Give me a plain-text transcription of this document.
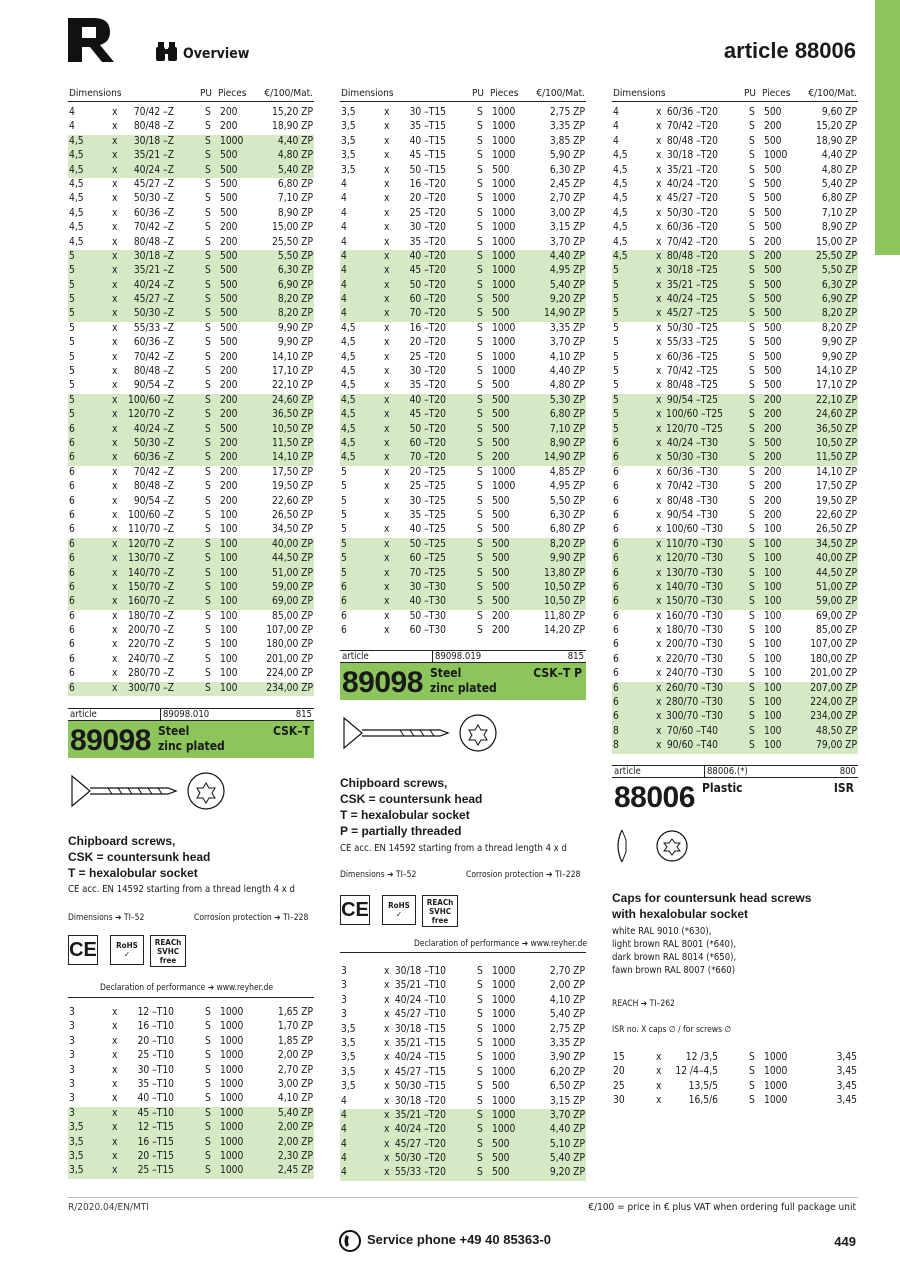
Overview	article 88006
Dimensions	PU Pieces €/100/Mat.
4	x	70/42 –Z	S 200	15,20 ZP
4	x	80/48 –Z	S 200	18,90 ZP
4,5	x	30/18 –Z	S 1000	4,40 ZP
4,5	x	35/21 –Z	S 500	4,80 ZP
4,5	x	40/24 –Z	S 500	5,40 ZP
4,5	x	45/27 –Z	S 500	6,80 ZP
4,5	x	50/30 –Z	S 500	7,10 ZP
4,5	x	60/36 –Z	S 500	8,90 ZP
4,5	x	70/42 –Z	S 200	15,00 ZP
4,5	x	80/48 –Z	S 200	25,50 ZP
5	x	30/18 –Z	S 500	5,50 ZP
5	x	35/21 –Z	S 500	6,30 ZP
5	x	40/24 –Z	S 500	6,90 ZP
5	x	45/27 –Z	S 500	8,20 ZP
5	x	50/30 –Z	S 500	8,20 ZP
5	x	55/33 –Z	S 500	9,90 ZP
5	x	60/36 –Z	S 500	9,90 ZP
5	x	70/42 –Z	S 200	14,10 ZP
5	x	80/48 –Z	S 200	17,10 ZP
5	x	90/54 –Z	S 200	22,10 ZP
5	x	100/60 –Z	S 200	24,60 ZP
5	x	120/70 –Z	S 200	36,50 ZP
6	x	40/24 –Z	S 500	10,50 ZP
6	x	50/30 –Z	S 200	11,50 ZP
6	x	60/36 –Z	S 200	14,10 ZP
6	x	70/42 –Z	S 200	17,50 ZP
6	x	80/48 –Z	S 200	19,50 ZP
6	x	90/54 –Z	S 200	22,60 ZP
6	x	100/60 –Z	S 100	26,50 ZP
6	x	110/70 –Z	S 100	34,50 ZP
6	x	120/70 –Z	S 100	40,00 ZP
6	x	130/70 –Z	S 100	44,50 ZP
6	x	140/70 –Z	S 100	51,00 ZP
6	x	150/70 –Z	S 100	59,00 ZP
6	x	160/70 –Z	S 100	69,00 ZP
6	x	180/70 –Z	S 100	85,00 ZP
6	x	200/70 –Z	S 100	107,00 ZP
6	x	220/70 –Z	S 100	180,00 ZP
6	x	240/70 –Z	S 100	201,00 ZP
6	x	280/70 –Z	S 100	224,00 ZP
6	x	300/70 –Z	S 100	234,00 ZP
Dimensions	PU Pieces €/100/Mat.
3,5	x	30 –T15	S 1000	2,75 ZP
3,5	x	35 –T15	S 1000	3,35 ZP
3,5	x	40 –T15	S 1000	3,85 ZP
3,5	x	45 –T15	S 1000	5,90 ZP
3,5	x	50 –T15	S 500	6,30 ZP
4	x	16 –T20	S 1000	2,45 ZP
4	x	20 –T20	S 1000	2,70 ZP
4	x	25 –T20	S 1000	3,00 ZP
4	x	30 –T20	S 1000	3,15 ZP
4	x	35 –T20	S 1000	3,70 ZP
4	x	40 –T20	S 1000	4,40 ZP
4	x	45 –T20	S 1000	4,95 ZP
4	x	50 –T20	S 1000	5,40 ZP
4	x	60 –T20	S 500	9,20 ZP
4	x	70 –T20	S 500	14,90 ZP
4,5	x	16 –T20	S 1000	3,35 ZP
4,5	x	20 –T20	S 1000	3,70 ZP
4,5	x	25 –T20	S 1000	4,10 ZP
4,5	x	30 –T20	S 1000	4,40 ZP
4,5	x	35 –T20	S 500	4,80 ZP
4,5	x	40 –T20	S 500	5,30 ZP
4,5	x	45 –T20	S 500	6,80 ZP
4,5	x	50 –T20	S 500	7,10 ZP
4,5	x	60 –T20	S 500	8,90 ZP
4,5	x	70 –T20	S 200	14,90 ZP
5	x	20 –T25	S 1000	4,85 ZP
5	x	25 –T25	S 1000	4,95 ZP
5	x	30 –T25	S 500	5,50 ZP
5	x	35 –T25	S 500	6,30 ZP
5	x	40 –T25	S 500	6,80 ZP
5	x	50 –T25	S 500	8,20 ZP
5	x	60 –T25	S 500	9,90 ZP
5	x	70 –T25	S 500	13,80 ZP
6	x	30 –T30	S 500	10,50 ZP
6	x	40 –T30	S 500	10,50 ZP
6	x	50 –T30	S 200	11,80 ZP
6	x	60 –T30	S 200	14,20 ZP
Dimensions	PU Pieces €/100/Mat.
4	x 60/36 –T20	S 500	9,60 ZP
4	x 70/42 –T20	S 200	15,20 ZP
4	x 80/48 –T20	S 500	18,90 ZP
4,5	x 30/18 –T20	S 1000	4,40 ZP
4,5	x 35/21 –T20	S 500	4,80 ZP
4,5	x 40/24 –T20	S 500	5,40 ZP
4,5	x 45/27 –T20	S 500	6,80 ZP
4,5	x 50/30 –T20	S 500	7,10 ZP
4,5	x 60/36 –T20	S 500	8,90 ZP
4,5	x 70/42 –T20	S 200	15,00 ZP
4,5	x 80/48 –T20	S 200	25,50 ZP
5	x 30/18 –T25	S 500	5,50 ZP
5	x 35/21 –T25	S 500	6,30 ZP
5	x 40/24 –T25	S 500	6,90 ZP
5	x 45/27 –T25	S 500	8,20 ZP
5	x 50/30 –T25	S 500	8,20 ZP
5	x 55/33 –T25	S 500	9,90 ZP
5	x 60/36 –T25	S 500	9,90 ZP
5	x 70/42 –T25	S 500	14,10 ZP
5	x 80/48 –T25	S 500	17,10 ZP
5	x 90/54 –T25	S 200	22,10 ZP
5	x 100/60 –T25	S 200	24,60 ZP
5	x 120/70 –T25	S 200	36,50 ZP
6	x 40/24 –T30	S 500	10,50 ZP
6	x 50/30 –T30	S 200	11,50 ZP
6	x 60/36 –T30	S 200	14,10 ZP
6	x 70/42 –T30	S 200	17,50 ZP
6	x 80/48 –T30	S 200	19,50 ZP
6	x 90/54 –T30	S 200	22,60 ZP
6	x 100/60 –T30	S 100	26,50 ZP
6	x 110/70 –T30	S 100	34,50 ZP
6	x 120/70 –T30	S 100	40,00 ZP
6	x 130/70 –T30	S 100	44,50 ZP
6	x 140/70 –T30	S 100	51,00 ZP
6	x 150/70 –T30	S 100	59,00 ZP
6	x 160/70 –T30	S 100	69,00 ZP
6	x 180/70 –T30	S 100	85,00 ZP
6	x 200/70 –T30	S 100	107,00 ZP
6	x 220/70 –T30	S 100	180,00 ZP
6	x 240/70 –T30	S 100	201,00 ZP
6	x 260/70 –T30	S 100	207,00 ZP
6	x 280/70 –T30	S 100	224,00 ZP
6	x 300/70 –T30	S 100	234,00 ZP
8	x 70/60 –T40	S 100	48,50 ZP
8	x 90/60 –T40	S 100	79,00 ZP
article	89098.010	815
89098 Steel
zinc plated
CSK–T
Chipboard screws,
CSK = countersunk head
T = hexalobular socket
CE acc. EN 14592 starting from a thread length 4 x d
Dimensions ➔ TI–52	Corrosion protection ➔ TI–228
CE	RoHS
✓
REACh
SVHC
free
Declaration of performance ➔ www.reyher.de
3	x	12 –T10	S 1000	1,65 ZP
3	x	16 –T10	S 1000	1,70 ZP
3	x	20 –T10	S 1000	1,85 ZP
3	x	25 –T10	S 1000	2,00 ZP
3	x	30 –T10	S 1000	2,70 ZP
3	x	35 –T10	S 1000	3,00 ZP
3	x	40 –T10	S 1000	4,10 ZP
3	x	45 –T10	S 1000	5,40 ZP
3,5	x	12 –T15	S 1000	2,00 ZP
3,5	x	16 –T15	S 1000	2,00 ZP
3,5	x	20 –T15	S 1000	2,30 ZP
3,5	x	25 –T15	S 1000	2,45 ZP
article	89098.019	815
89098 Steel
zinc plated
CSK–T P
Chipboard screws,
CSK = countersunk head
T = hexalobular socket
P = partially threaded
CE acc. EN 14592 starting from a thread length 4 x d
Dimensions ➔ TI–52	Corrosion protection ➔ TI–228
CE	RoHS
✓
REACh
SVHC
free
Declaration of performance ➔ www.reyher.de
3	x 30/18 –T10	S 1000	2,70 ZP
3	x 35/21 –T10	S 1000	2,00 ZP
3	x 40/24 –T10	S 1000	4,10 ZP
3	x 45/27 –T10	S 1000	5,40 ZP
3,5	x 30/18 –T15	S 1000	2,75 ZP
3,5	x 35/21 –T15	S 1000	3,35 ZP
3,5	x 40/24 –T15	S 1000	3,90 ZP
3,5	x 45/27 –T15	S 1000	6,20 ZP
3,5	x 50/30 –T15	S 500	6,50 ZP
4	x 30/18 –T20	S 1000	3,15 ZP
4	x 35/21 –T20	S 1000	3,70 ZP
4	x 40/24 –T20	S 1000	4,40 ZP
4	x 45/27 –T20	S 500	5,10 ZP
4	x 50/30 –T20	S 500	5,40 ZP
4	x 55/33 –T20	S 500	9,20 ZP
article	88006.(*)	800
88006 Plastic	ISR
Caps for countersunk head screws
with hexalobular socket
white RAL 9010 (*630),
light brown RAL 8001 (*640),
dark brown RAL 8014 (*650),
fawn brown RAL 8007 (*660)
REACH ➔ TI–262
ISR no. X caps ∅ / for screws ∅
15	x	12 /3,5	S 1000	3,45
20	x	12 /4–4,5	S 1000	3,45
25	x	13,5/5	S 1000	3,45
30	x	16,5/6	S 1000	3,45
R/2020.04/EN/MTI	€/100 = price in € plus VAT when ordering full package unit
Service phone +49 40 85363-0	449
